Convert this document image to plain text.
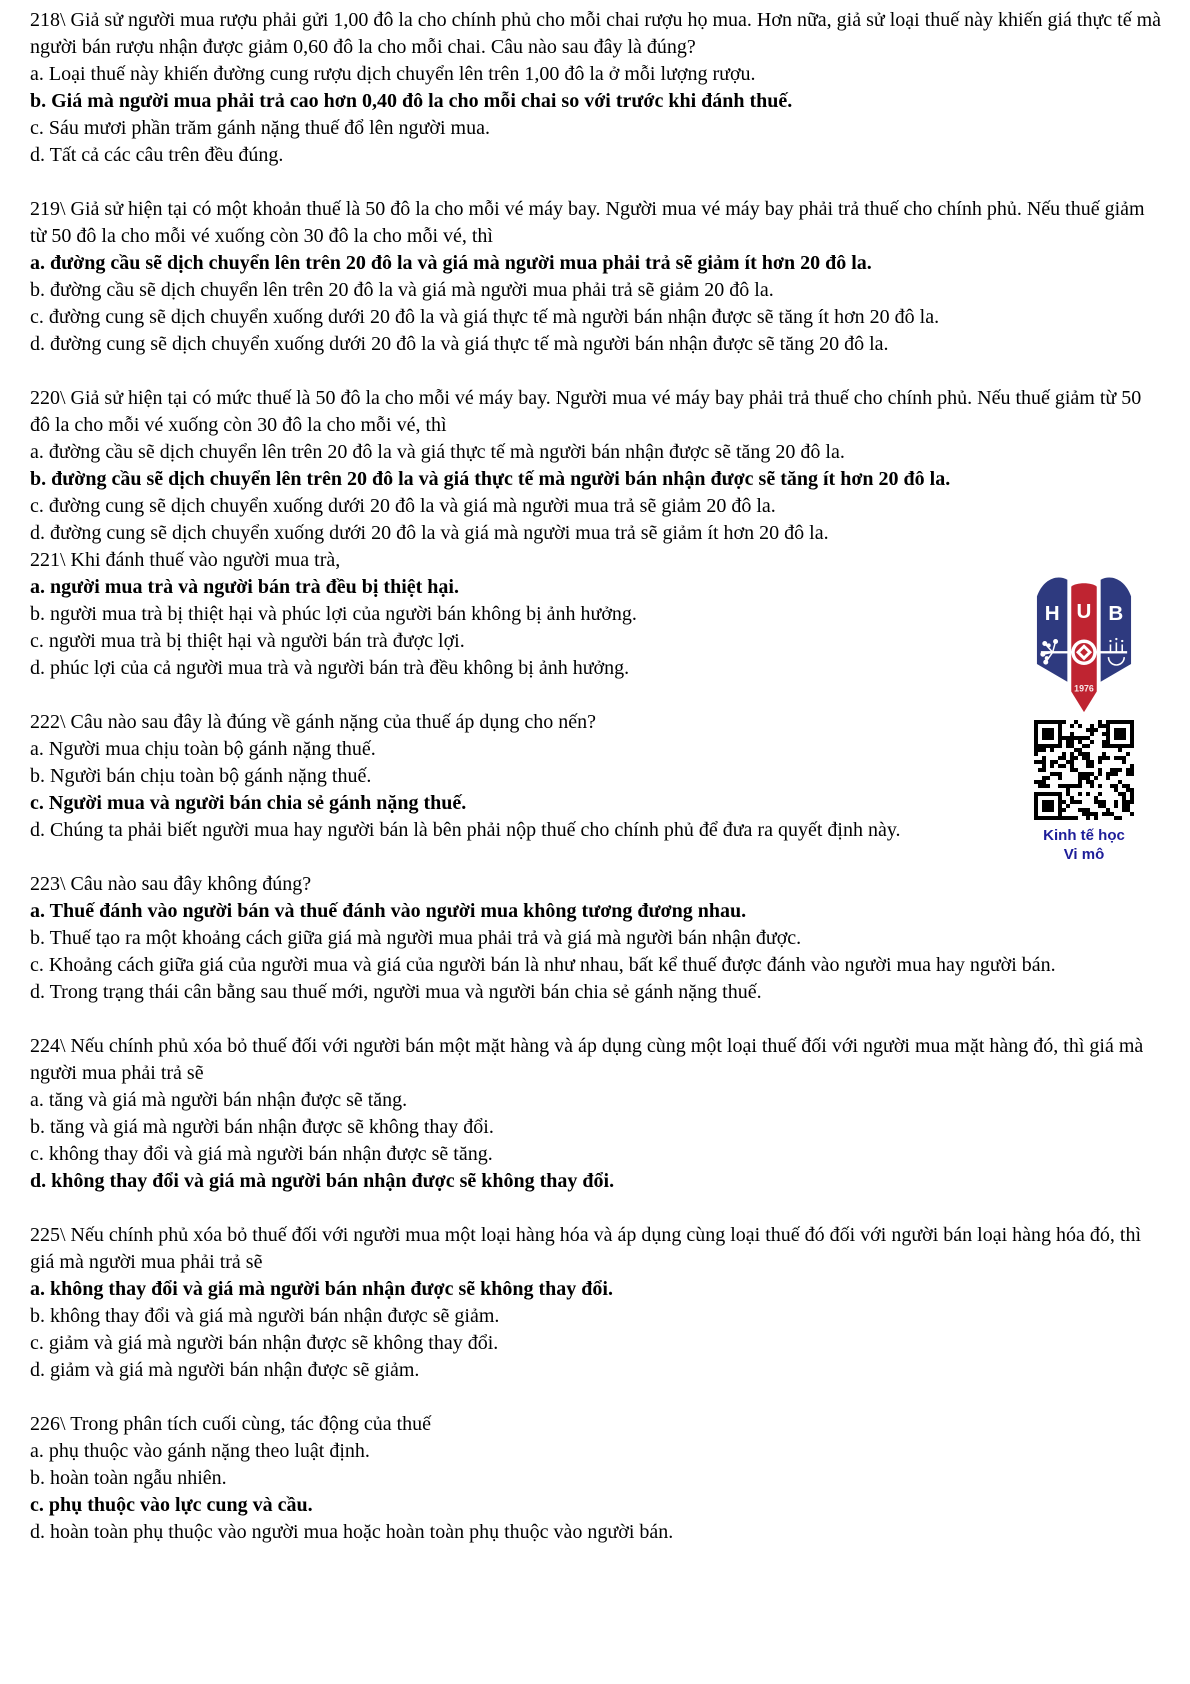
218\ Giả sử người mua rượu phải gửi 1,00 đô la cho chính phủ cho mỗi chai rượu họ mua. Hơn nữa, giả sử loại thuế này khiến giá thực tế mà người bán rượu nhận được giảm 0,60 đô la cho mỗi chai. Câu nào sau đây là đúng?

a. Loại thuế này khiến đường cung rượu dịch chuyển lên trên 1,00 đô la ở mỗi lượng rượu.

b. Giá mà người mua phải trả cao hơn 0,40 đô la cho mỗi chai so với trước khi đánh thuế.

c. Sáu mươi phần trăm gánh nặng thuế đổ lên người mua.

d. Tất cả các câu trên đều đúng.

219\ Giả sử hiện tại có một khoản thuế là 50 đô la cho mỗi vé máy bay. Người mua vé máy bay phải trả thuế cho chính phủ. Nếu thuế giảm từ 50 đô la cho mỗi vé xuống còn 30 đô la cho mỗi vé, thì

a. đường cầu sẽ dịch chuyển lên trên 20 đô la và giá mà người mua phải trả sẽ giảm ít hơn 20 đô la.

b. đường cầu sẽ dịch chuyển lên trên 20 đô la và giá mà người mua phải trả sẽ giảm 20 đô la.

c. đường cung sẽ dịch chuyển xuống dưới 20 đô la và giá thực tế mà người bán nhận được sẽ tăng ít hơn 20 đô la.

d. đường cung sẽ dịch chuyển xuống dưới 20 đô la và giá thực tế mà người bán nhận được sẽ tăng 20 đô la.

220\ Giả sử hiện tại có mức thuế là 50 đô la cho mỗi vé máy bay. Người mua vé máy bay phải trả thuế cho chính phủ. Nếu thuế giảm từ 50 đô la cho mỗi vé xuống còn 30 đô la cho mỗi vé, thì

a. đường cầu sẽ dịch chuyển lên trên 20 đô la và giá thực tế mà người bán nhận được sẽ tăng 20 đô la.

b. đường cầu sẽ dịch chuyển lên trên 20 đô la và giá thực tế mà người bán nhận được sẽ tăng ít hơn 20 đô la.

c. đường cung sẽ dịch chuyển xuống dưới 20 đô la và giá mà người mua trả sẽ giảm 20 đô la.

d. đường cung sẽ dịch chuyển xuống dưới 20 đô la và giá mà người mua trả sẽ giảm ít hơn 20 đô la.

H U B
1976
Kinh tế học
Vi mô

221\ Khi đánh thuế vào người mua trà,

a. người mua trà và người bán trà đều bị thiệt hại.

b. người mua trà bị thiệt hại và phúc lợi của người bán không bị ảnh hưởng.

c. người mua trà bị thiệt hại và người bán trà được lợi.

d. phúc lợi của cả người mua trà và người bán trà đều không bị ảnh hưởng.

222\ Câu nào sau đây là đúng về gánh nặng của thuế áp dụng cho nến?

a. Người mua chịu toàn bộ gánh nặng thuế.

b. Người bán chịu toàn bộ gánh nặng thuế.

c. Người mua và người bán chia sẻ gánh nặng thuế.

d. Chúng ta phải biết người mua hay người bán là bên phải nộp thuế cho chính phủ để đưa ra quyết định này.

223\ Câu nào sau đây không đúng?

a. Thuế đánh vào người bán và thuế đánh vào người mua không tương đương nhau.

b. Thuế tạo ra một khoảng cách giữa giá mà người mua phải trả và giá mà người bán nhận được.

c. Khoảng cách giữa giá của người mua và giá của người bán là như nhau, bất kể thuế được đánh vào người mua hay người bán.

d. Trong trạng thái cân bằng sau thuế mới, người mua và người bán chia sẻ gánh nặng thuế.

224\ Nếu chính phủ xóa bỏ thuế đối với người bán một mặt hàng và áp dụng cùng một loại thuế đối với người mua mặt hàng đó, thì giá mà người mua phải trả sẽ

a. tăng và giá mà người bán nhận được sẽ tăng.

b. tăng và giá mà người bán nhận được sẽ không thay đổi.

c. không thay đổi và giá mà người bán nhận được sẽ tăng.

d. không thay đổi và giá mà người bán nhận được sẽ không thay đổi.

225\ Nếu chính phủ xóa bỏ thuế đối với người mua một loại hàng hóa và áp dụng cùng loại thuế đó đối với người bán loại hàng hóa đó, thì giá mà người mua phải trả sẽ

a. không thay đổi và giá mà người bán nhận được sẽ không thay đổi.

b. không thay đổi và giá mà người bán nhận được sẽ giảm.

c. giảm và giá mà người bán nhận được sẽ không thay đổi.

d. giảm và giá mà người bán nhận được sẽ giảm.

226\ Trong phân tích cuối cùng, tác động của thuế

a. phụ thuộc vào gánh nặng theo luật định.

b. hoàn toàn ngẫu nhiên.

c. phụ thuộc vào lực cung và cầu.

d. hoàn toàn phụ thuộc vào người mua hoặc hoàn toàn phụ thuộc vào người bán.
